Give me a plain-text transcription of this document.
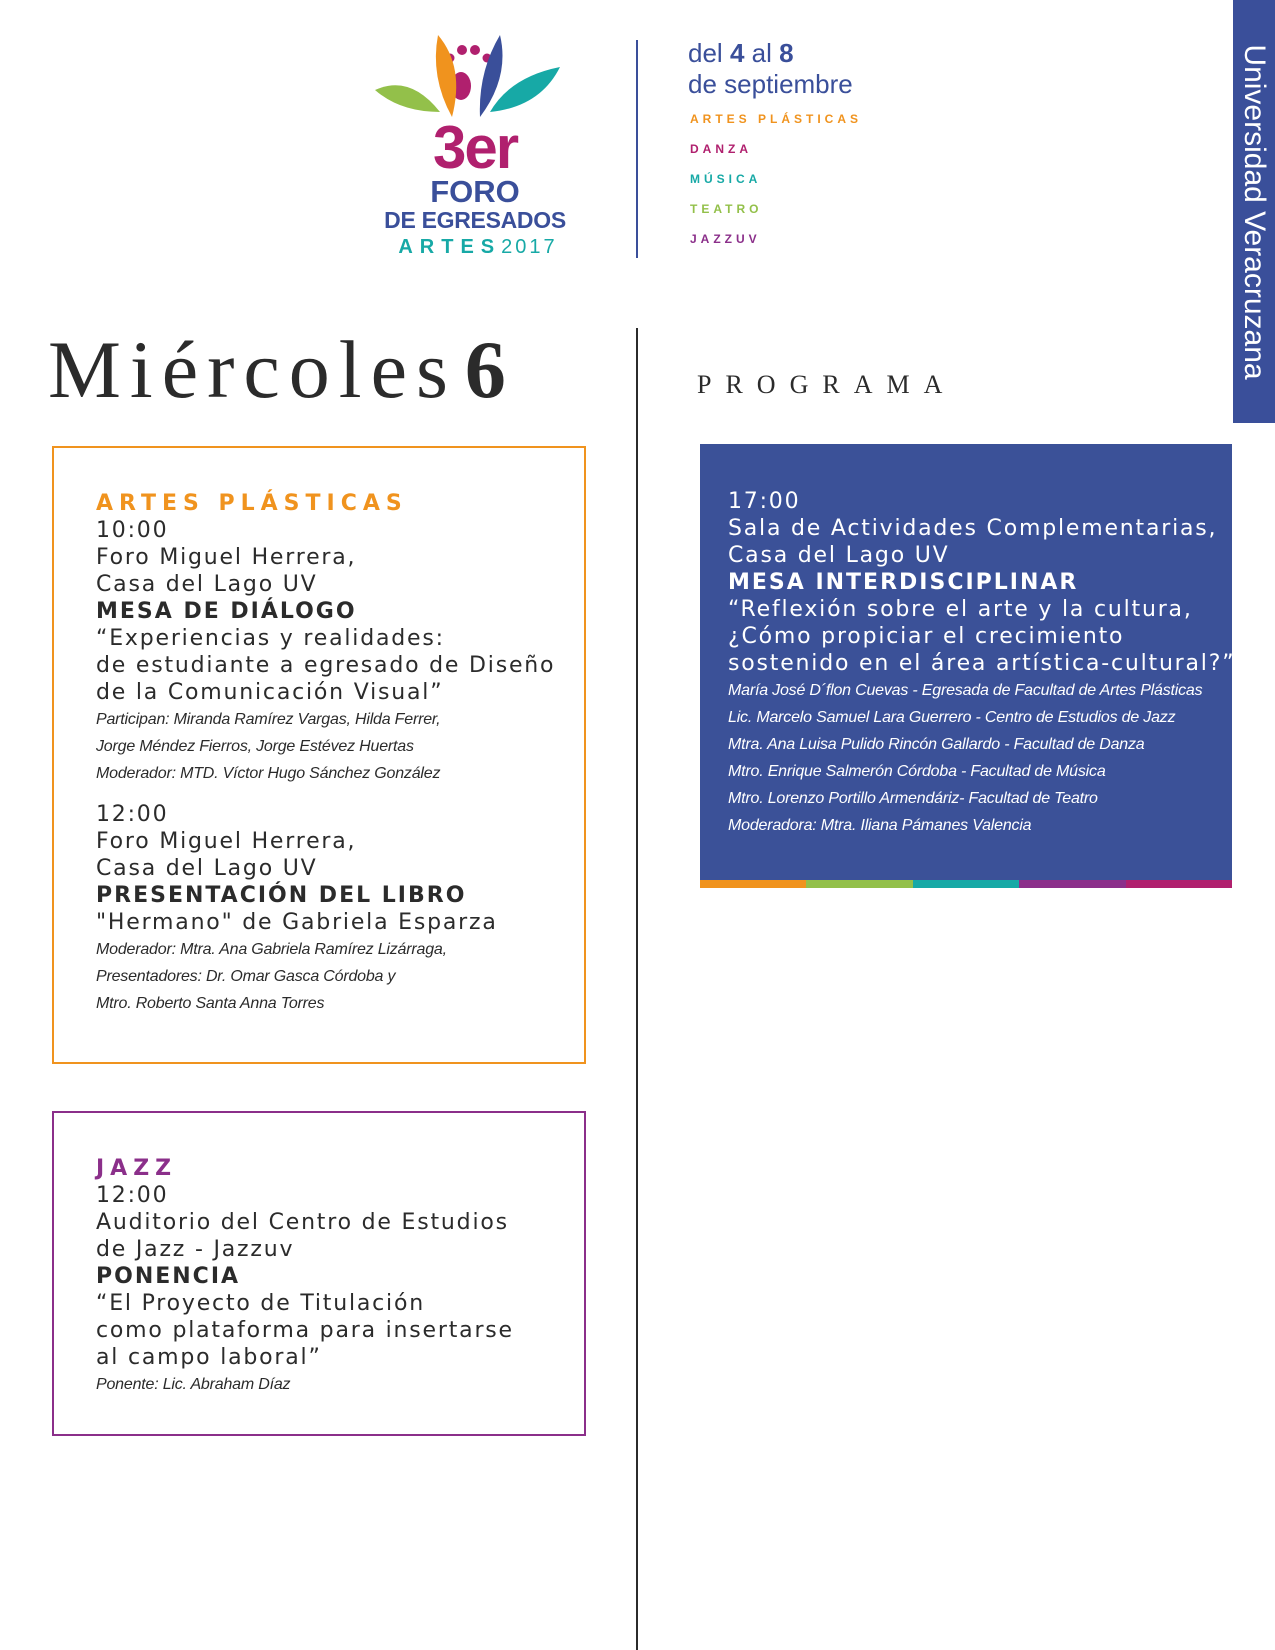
3er
FORO
DE EGRESADOS
ARTES2017
del 4 al 8
de septiembre
ARTES PLÁSTICAS
DANZA
MÚSICA
TEATRO
JAZZUV	Universidad Veracruzana
Miércoles6	PROGRAMA
ARTES PLÁSTICAS
10:00
Foro Miguel Herrera,
Casa del Lago UV
MESA DE DIÁLOGO
“Experiencias y realidades:
de estudiante a egresado de Diseño
de la Comunicación Visual”
Participan: Miranda Ramírez Vargas, Hilda Ferrer,
Jorge Méndez Fierros, Jorge Estévez Huertas
Moderador: MTD. Víctor Hugo Sánchez González
12:00
Foro Miguel Herrera,
Casa del Lago UV
PRESENTACIÓN DEL LIBRO
"Hermano" de Gabriela Esparza
Moderador: Mtra. Ana Gabriela Ramírez Lizárraga,
Presentadores: Dr. Omar Gasca Córdoba y
Mtro. Roberto Santa Anna Torres
JAZZ
12:00
Auditorio del Centro de Estudios
de Jazz - Jazzuv
PONENCIA
“El Proyecto de Titulación
como plataforma para insertarse
al campo laboral”
Ponente: Lic. Abraham Díaz
17:00
Sala de Actividades Complementarias,
Casa del Lago UV
MESA INTERDISCIPLINAR
“Reflexión sobre el arte y la cultura,
¿Cómo propiciar el crecimiento
sostenido en el área artística-cultural?”
María José D´flon Cuevas - Egresada de Facultad de Artes Plásticas
Lic. Marcelo Samuel Lara Guerrero - Centro de Estudios de Jazz
Mtra. Ana Luisa Pulido Rincón Gallardo - Facultad de Danza
Mtro. Enrique Salmerón Córdoba - Facultad de Música
Mtro. Lorenzo Portillo Armendáriz- Facultad de Teatro
Moderadora: Mtra. Iliana Pámanes Valencia
